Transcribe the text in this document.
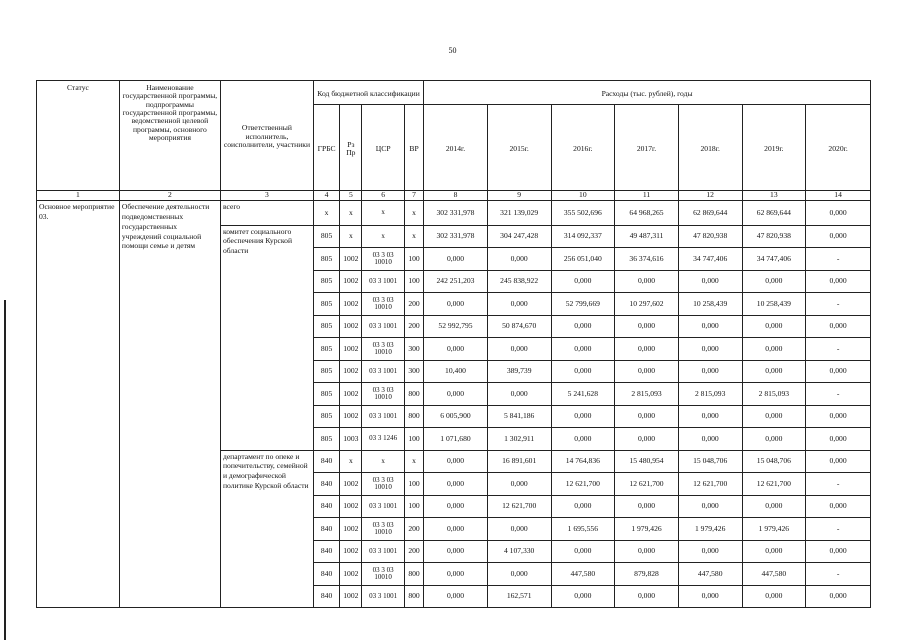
50
Статус	Наименование государственной программы, подпрограммы государственной программы, ведомственной целевой программы, основного мероприятия	Ответственный исполнитель, соисполнители, участники	Код бюджетной классификации				Расходы (тыс. рублей), годы						
			ГРБС	Рз Пр	ЦСР	ВР	2014г.	2015г.	2016г.	2017г.	2018г.	2019г.	2020г.
1	2	3	4	5	6	7	8	9	10	11	12	13	14
Основное мероприятие 03.	Обеспечение деятельности подведомственных государственных учреждений социальной помощи семье и детям	всего	x	x	x	x	302 331,978	321 139,029	355 502,696	64 968,265	62 869,644	62 869,644	0,000
		комитет социального обеспечения Курской области	805	x	x	x	302 331,978	304 247,428	314 092,337	49 487,311	47 820,938	47 820,938	0,000
			805	1002	03 3 03 10010	100	0,000	0,000	256 051,040	36 374,616	34 747,406	34 747,406	-
			805	1002	03 3 1001	100	242 251,203	245 838,922	0,000	0,000	0,000	0,000	0,000
			805	1002	03 3 03 10010	200	0,000	0,000	52 799,669	10 297,602	10 258,439	10 258,439	-
			805	1002	03 3 1001	200	52 992,795	50 874,670	0,000	0,000	0,000	0,000	0,000
			805	1002	03 3 03 10010	300	0,000	0,000	0,000	0,000	0,000	0,000	-
			805	1002	03 3 1001	300	10,400	389,739	0,000	0,000	0,000	0,000	0,000
			805	1002	03 3 03 10010	800	0,000	0,000	5 241,628	2 815,093	2 815,093	2 815,093	-
			805	1002	03 3 1001	800	6 005,900	5 841,186	0,000	0,000	0,000	0,000	0,000
			805	1003	03 3 1246	100	1 071,680	1 302,911	0,000	0,000	0,000	0,000	0,000
		департамент по опеке и попечительству, семейной и демографической политике Курской области	840	x	x	x	0,000	16 891,601	14 764,836	15 480,954	15 048,706	15 048,706	0,000
			840	1002	03 3 03 10010	100	0,000	0,000	12 621,700	12 621,700	12 621,700	12 621,700	-
			840	1002	03 3 1001	100	0,000	12 621,700	0,000	0,000	0,000	0,000	0,000
			840	1002	03 3 03 10010	200	0,000	0,000	1 695,556	1 979,426	1 979,426	1 979,426	-
			840	1002	03 3 1001	200	0,000	4 107,330	0,000	0,000	0,000	0,000	0,000
			840	1002	03 3 03 10010	800	0,000	0,000	447,580	879,828	447,580	447,580	-
			840	1002	03 3 1001	800	0,000	162,571	0,000	0,000	0,000	0,000	0,000
